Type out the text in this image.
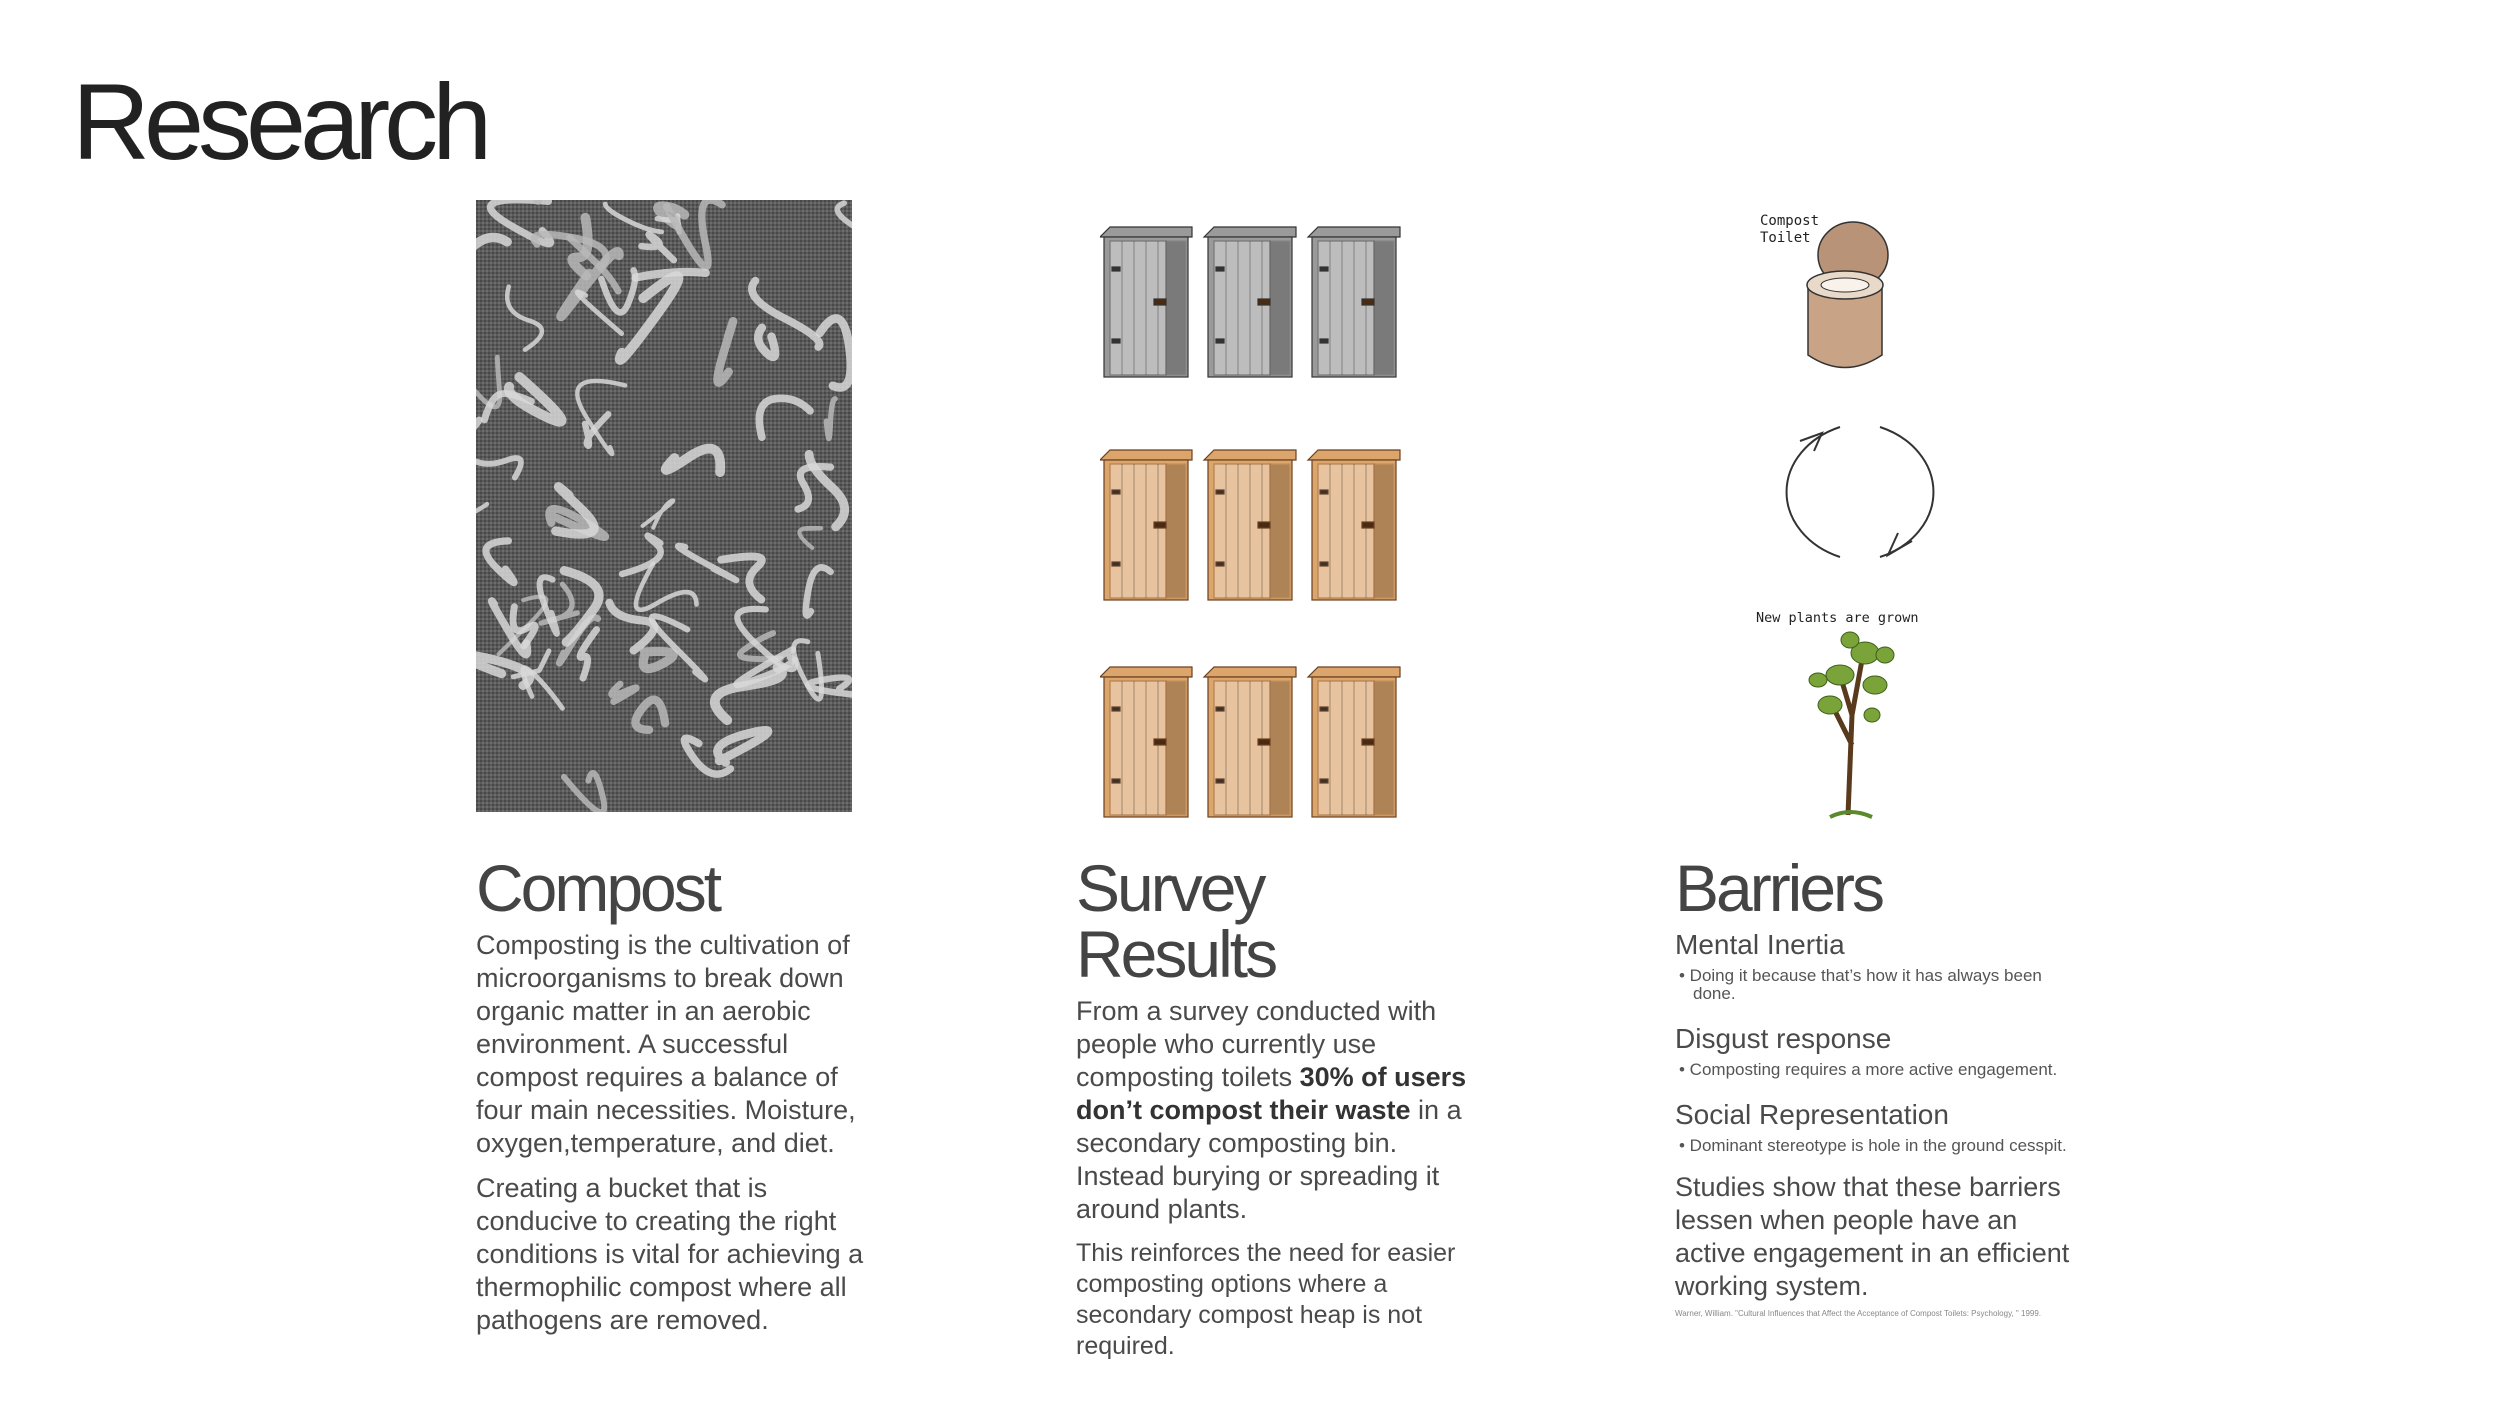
Research
Compost
Toilet
New plants are grown
Compost

Composting is the cultivation of microorganisms to break down organic matter in an aerobic environment. A successful compost requires a balance of four main necessities. Moisture, oxygen,temperature, and diet.

Creating a bucket that is conducive to creating the right conditions is vital for achieving a thermophilic compost where all pathogens are removed.

Survey Results

From a survey conducted with people who currently use composting toilets 30% of users don’t compost their waste in a secondary composting bin. Instead burying or spreading it around plants.

This reinforces the need for easier composting options where a secondary compost heap is not required.

Barriers
Mental Inertia
• Doing it because that’s how it has always been done.
Disgust response
• Composting requires a more active engagement.
Social Representation
• Dominant stereotype is hole in the ground cesspit.
Studies show that these barriers lessen when people have an active engagement in an efficient working system.
Warner, William. "Cultural Influences that Affect the Acceptance of Compost Toilets: Psychology, " 1999.
